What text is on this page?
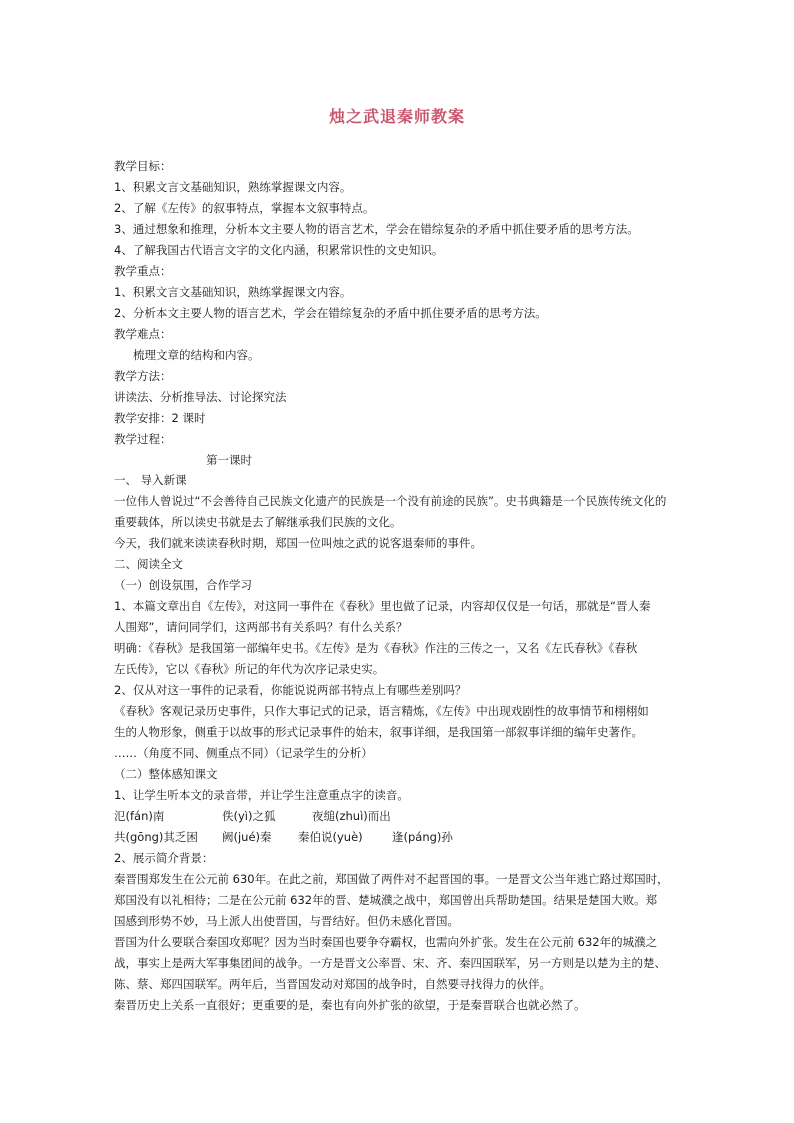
烛之武退秦师教案
教学目标：
1、积累文言文基础知识，熟练掌握课文内容。
2、了解《左传》的叙事特点，掌握本文叙事特点。
3、通过想象和推理，分析本文主要人物的语言艺术，学会在错综复杂的矛盾中抓住要矛盾的思考方法。
4、了解我国古代语言文字的文化内涵，积累常识性的文史知识。
教学重点：
1、积累文言文基础知识，熟练掌握课文内容。
2、分析本文主要人物的语言艺术，学会在错综复杂的矛盾中抓住要矛盾的思考方法。
教学难点：
梳理文章的结构和内容。
教学方法：
讲读法、分析推导法、讨论探究法
教学安排：2 课时
教学过程：
第一课时
一、 导入新课
一位伟人曾说过“不会善待自己民族文化遗产的民族是一个没有前途的民族”。史书典籍是一个民族传统文化的
重要载体，所以读史书就是去了解继承我们民族的文化。
今天，我们就来读读春秋时期，郑国一位叫烛之武的说客退秦师的事件。
二、阅读全文
（一）创设氛围，合作学习
1、本篇文章出自《左传》，对这同一事件在《春秋》里也做了记录，内容却仅仅是一句话，那就是“晋人秦
人围郑”，请问同学们，这两部书有关系吗？有什么关系？
明确：《春秋》是我国第一部编年史书。《左传》是为《春秋》作注的三传之一，又名《左氏春秋》《春秋
左氏传》，它以《春秋》所记的年代为次序记录史实。
2、仅从对这一事件的记录看，你能说说两部书特点上有哪些差别吗？
《春秋》客观记录历史事件，只作大事记式的记录，语言精炼，《左传》中出现戏剧性的故事情节和栩栩如
生的人物形象，侧重于以故事的形式记录事件的始末，叙事详细，是我国第一部叙事详细的编年史著作。
……（角度不同、侧重点不同）（记录学生的分析）
（二）整体感知课文
1、让学生听本文的录音带，并让学生注意重点字的读音。
氾(fán)南	佚(yì)之狐	夜缒(zhuì)而出
共(gōng)其乏困 阙(jué)秦 秦伯说(yuè)	逢(páng)孙
2、展示简介背景：
秦晋围郑发生在公元前 630年。在此之前，郑国做了两件对不起晋国的事。一是晋文公当年逃亡路过郑国时，
郑国没有以礼相待；二是在公元前 632年的晋、楚城濮之战中，郑国曾出兵帮助楚国。结果是楚国大败。郑
国感到形势不妙，马上派人出使晋国，与晋结好。但仍未感化晋国。
晋国为什么要联合秦国攻郑呢？因为当时秦国也要争夺霸权，也需向外扩张。发生在公元前 632年的城濮之
战，事实上是两大军事集团间的战争。一方是晋文公率晋、宋、齐、秦四国联军，另一方则是以楚为主的楚、
陈、蔡、郑四国联军。两年后，当晋国发动对郑国的战争时，自然要寻找得力的伙伴。
秦晋历史上关系一直很好；更重要的是，秦也有向外扩张的欲望，于是秦晋联合也就必然了。
